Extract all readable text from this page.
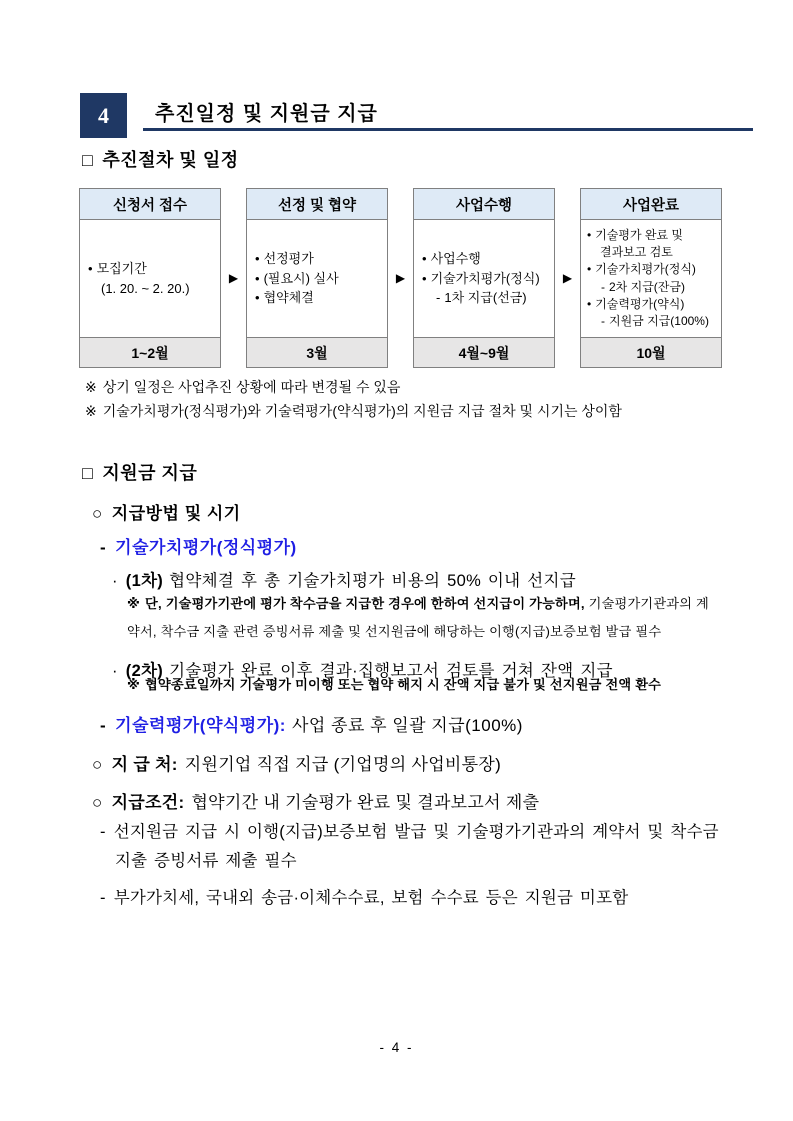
4 추진일정 및 지원금 지급
□ 추진절차 및 일정
신청서 접수
• 모집기간
(1. 20. ~ 2. 20.)
1~2월
▶
선정 및 협약
• 선정평가
• (필요시) 실사
• 협약체결
3월
▶
사업수행
• 사업수행
• 기술가치평가(정식)
- 1차 지급(선금)
4월~9월
▶
사업완료
• 기술평가 완료 및
결과보고 검토
• 기술가치평가(정식)
- 2차 지급(잔금)
• 기술력평가(약식)
- 지원금 지급(100%)
10월
※ 상기 일정은 사업추진 상황에 따라 변경될 수 있음
※ 기술가치평가(정식평가)와 기술력평가(약식평가)의 지원금 지급 절차 및 시기는 상이함
□ 지원금 지급
○ 지급방법 및 시기
- 기술가치평가(정식평가)
· (1차) 협약체결 후 총 기술가치평가 비용의 50% 이내 선지급
※ 단, 기술평가기관에 평가 착수금을 지급한 경우에 한하여 선지급이 가능하며, 기술평가기관과의 계약서, 착수금 지출 관련 증빙서류 제출 및 선지원금에 해당하는 이행(지급)보증보험 발급 필수
· (2차) 기술평가 완료 이후 결과·집행보고서 검토를 거쳐 잔액 지급
※ 협약종료일까지 기술평가 미이행 또는 협약 해지 시 잔액 지급 불가 및 선지원금 전액 환수
- 기술력평가(약식평가): 사업 종료 후 일괄 지급(100%)
○ 지 급 처: 지원기업 직접 지급 (기업명의 사업비통장)
○ 지급조건: 협약기간 내 기술평가 완료 및 결과보고서 제출
- 선지원금 지급 시 이행(지급)보증보험 발급 및 기술평가기관과의 계약서 및 착수금 지출 증빙서류 제출 필수
- 부가가치세, 국내외 송금·이체수수료, 보험 수수료 등은 지원금 미포함
- 4 -
